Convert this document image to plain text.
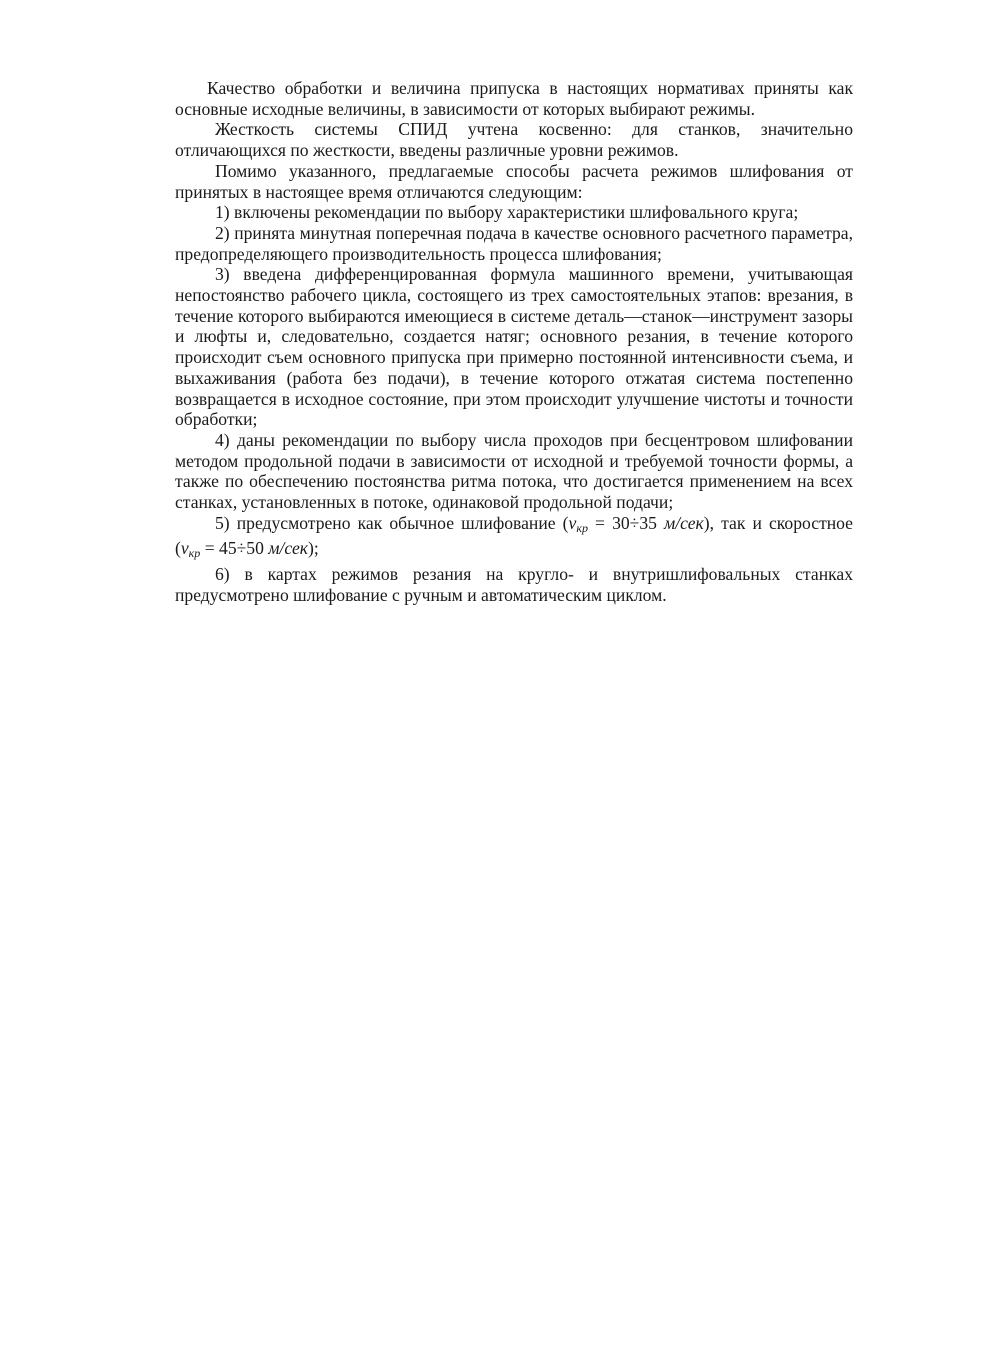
Качество обработки и величина припуска в настоящих нормативах приняты как основные исходные величины, в зависимости от которых выбирают режимы.

Жесткость системы СПИД учтена косвенно: для станков, значительно отличающихся по жесткости, введены различные уровни режимов.

Помимо указанного, предлагаемые способы расчета режимов шлифования от принятых в настоящее время отличаются следующим:

1) включены рекомендации по выбору характеристики шлифовального круга;

2) принята минутная поперечная подача в качестве основного расчетного параметра, предопределяющего производительность процесса шлифования;

3) введена дифференцированная формула машинного времени, учитывающая непостоянство рабочего цикла, состоящего из трех самостоятельных этапов: врезания, в течение которого выбираются имеющиеся в системе деталь—станок—инструмент зазоры и люфты и, следовательно, создается натяг; основного резания, в течение которого происходит съем основного припуска при примерно постоянной интенсивности съема, и выхаживания (работа без подачи), в течение которого отжатая система постепенно возвращается в исходное состояние, при этом происходит улучшение чистоты и точности обработки;

4) даны рекомендации по выбору числа проходов при бесцентровом шлифовании методом продольной подачи в зависимости от исходной и требуемой точности формы, а также по обеспечению постоянства ритма потока, что достигается применением на всех станках, установленных в потоке, одинаковой продольной подачи;

5) предусмотрено как обычное шлифование ($v_{кр} = 30\div 35$ м/сек), так и скоростное ($v_{кр} = 45\div 50$ м/сек);

6) в картах режимов резания на кругло- и внутришлифовальных станках предусмотрено шлифование с ручным и автоматическим циклом.
